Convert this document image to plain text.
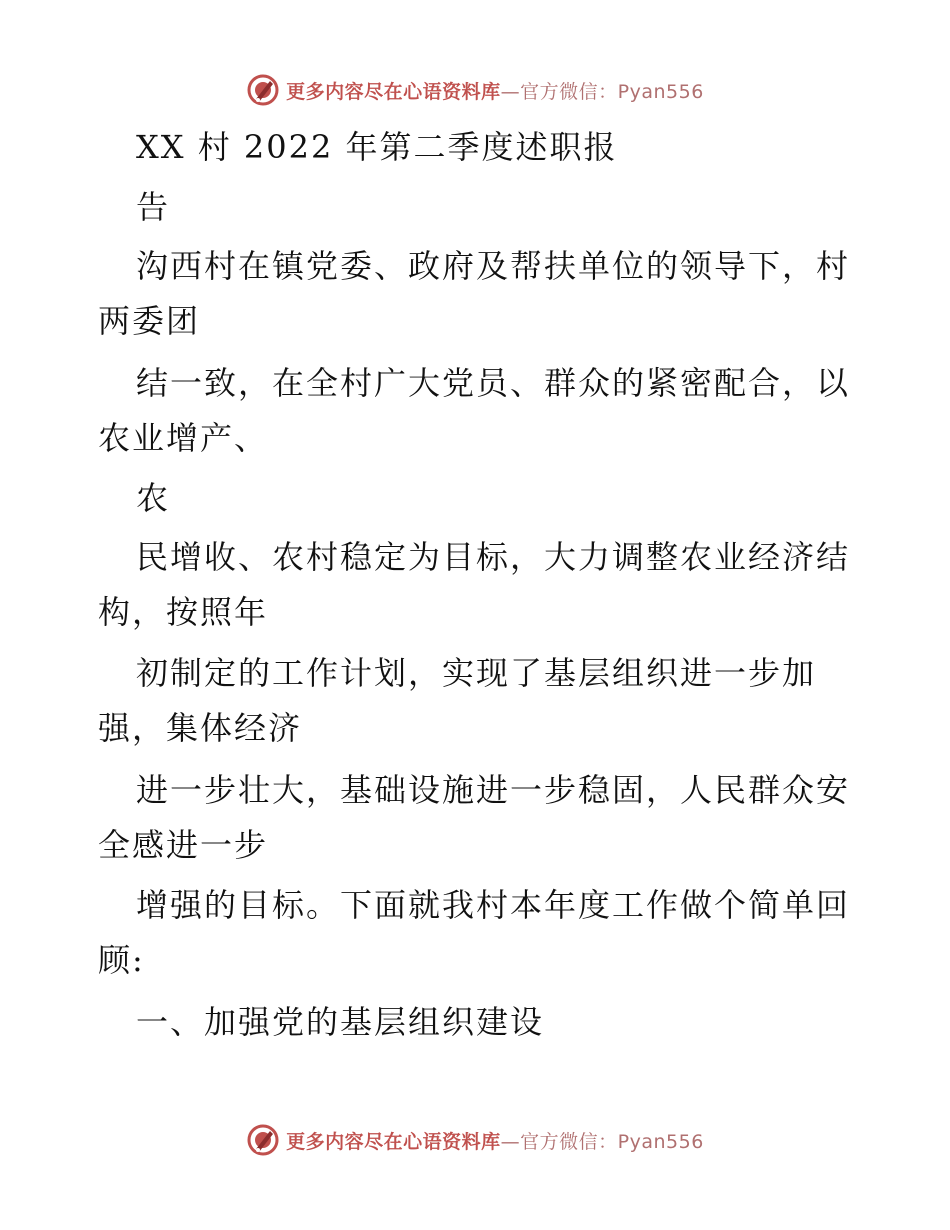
更多内容尽在心语资料库—官方微信：Pyan556
XX 村 2022 年第二季度述职报
告
沟西村在镇党委、政府及帮扶单位的领导下，村
两委团
结一致，在全村广大党员、群众的紧密配合，以
农业增产、
农
民增收、农村稳定为目标，大力调整农业经济结
构，按照年
初制定的工作计划，实现了基层组织进一步加
强，集体经济
进一步壮大，基础设施进一步稳固，人民群众安
全感进一步
增强的目标。下面就我村本年度工作做个简单回
顾:
一、加强党的基层组织建设
更多内容尽在心语资料库—官方微信：Pyan556
